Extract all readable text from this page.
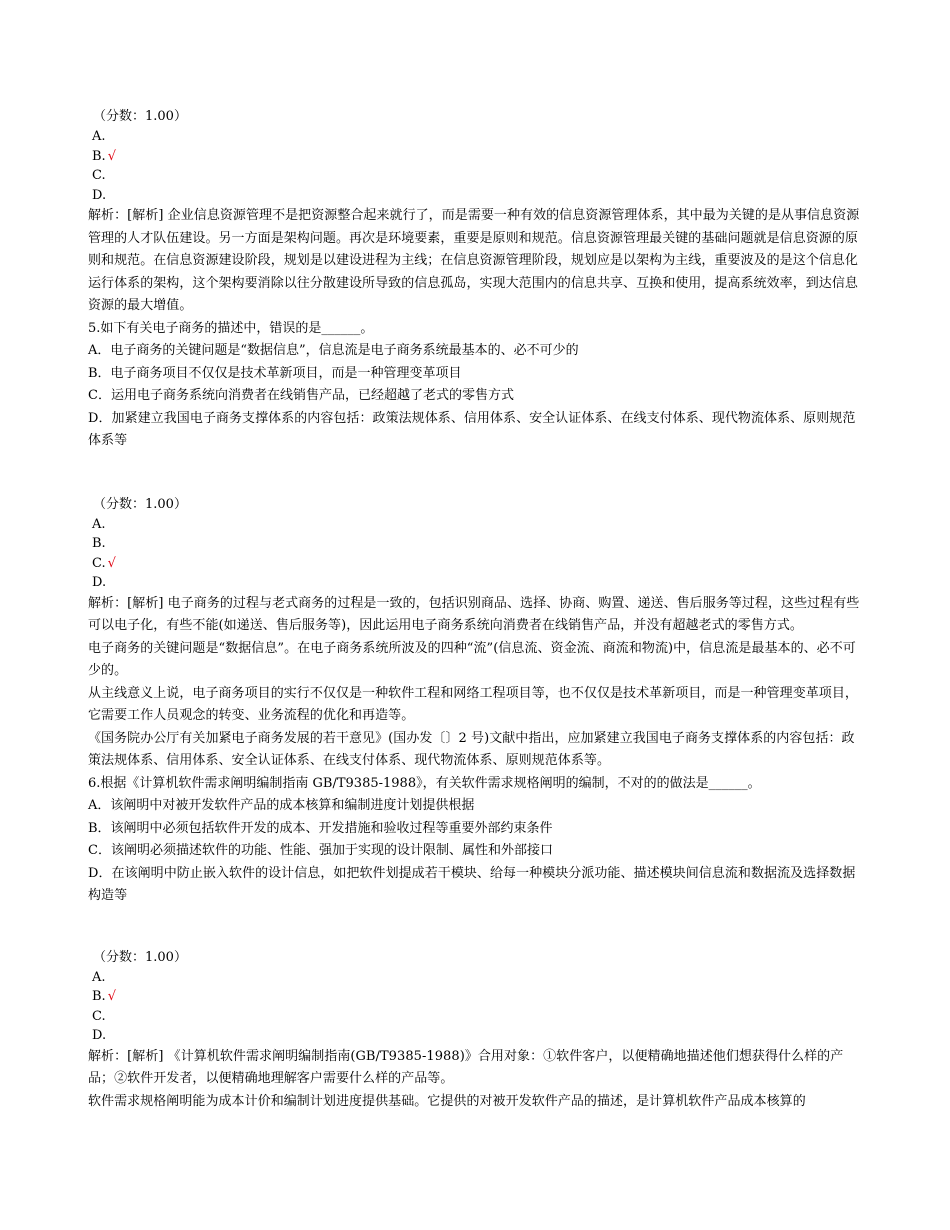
（分数：1.00）
A.
B. √
C.
D.
解析：[解析] 企业信息资源管理不是把资源整合起来就行了，而是需要一种有效的信息资源管理体系，其中最为关键的是从事信息资源管理的人才队伍建设。另一方面是架构问题。再次是环境要素，重要是原则和规范。信息资源管理最关键的基础问题就是信息资源的原则和规范。在信息资源建设阶段，规划是以建设进程为主线；在信息资源管理阶段，规划应是以架构为主线，重要波及的是这个信息化运行体系的架构，这个架构要消除以往分散建设所导致的信息孤岛，实现大范围内的信息共享、互换和使用，提高系统效率，到达信息资源的最大增值。
5.如下有关电子商务的描述中，错误的是______。
A．电子商务的关键问题是“数据信息”，信息流是电子商务系统最基本的、必不可少的
B．电子商务项目不仅仅是技术革新项目，而是一种管理变革项目
C．运用电子商务系统向消费者在线销售产品，已经超越了老式的零售方式
D．加紧建立我国电子商务支撑体系的内容包括：政策法规体系、信用体系、安全认证体系、在线支付体系、现代物流体系、原则规范体系等
（分数：1.00）
A.
B.
C. √
D.
解析：[解析] 电子商务的过程与老式商务的过程是一致的，包括识别商品、选择、协商、购置、递送、售后服务等过程，这些过程有些可以电子化，有些不能(如递送、售后服务等)，因此运用电子商务系统向消费者在线销售产品，并没有超越老式的零售方式。
电子商务的关键问题是“数据信息”。在电子商务系统所波及的四种“流”(信息流、资金流、商流和物流)中，信息流是最基本的、必不可少的。
从主线意义上说，电子商务项目的实行不仅仅是一种软件工程和网络工程项目等，也不仅仅是技术革新项目，而是一种管理变革项目，它需要工作人员观念的转变、业务流程的优化和再造等。
《国务院办公厅有关加紧电子商务发展的若干意见》(国办发〔〕2 号)文献中指出，应加紧建立我国电子商务支撑体系的内容包括：政策法规体系、信用体系、安全认证体系、在线支付体系、现代物流体系、原则规范体系等。
6.根据《计算机软件需求阐明编制指南 GB/T9385-1988》，有关软件需求规格阐明的编制，不对的的做法是______。
A．该阐明中对被开发软件产品的成本核算和编制进度计划提供根据
B．该阐明中必须包括软件开发的成本、开发措施和验收过程等重要外部约束条件
C．该阐明必须描述软件的功能、性能、强加于实现的设计限制、属性和外部接口
D．在该阐明中防止嵌入软件的设计信息，如把软件划提成若干模块、给每一种模块分派功能、描述模块间信息流和数据流及选择数据构造等
（分数：1.00）
A.
B. √
C.
D.
解析：[解析] 《计算机软件需求阐明编制指南(GB/T9385-1988)》合用对象：①软件客户，以便精确地描述他们想获得什么样的产品；②软件开发者，以便精确地理解客户需要什么样的产品等。
软件需求规格阐明能为成本计价和编制计划进度提供基础。它提供的对被开发软件产品的描述，是计算机软件产品成本核算的
